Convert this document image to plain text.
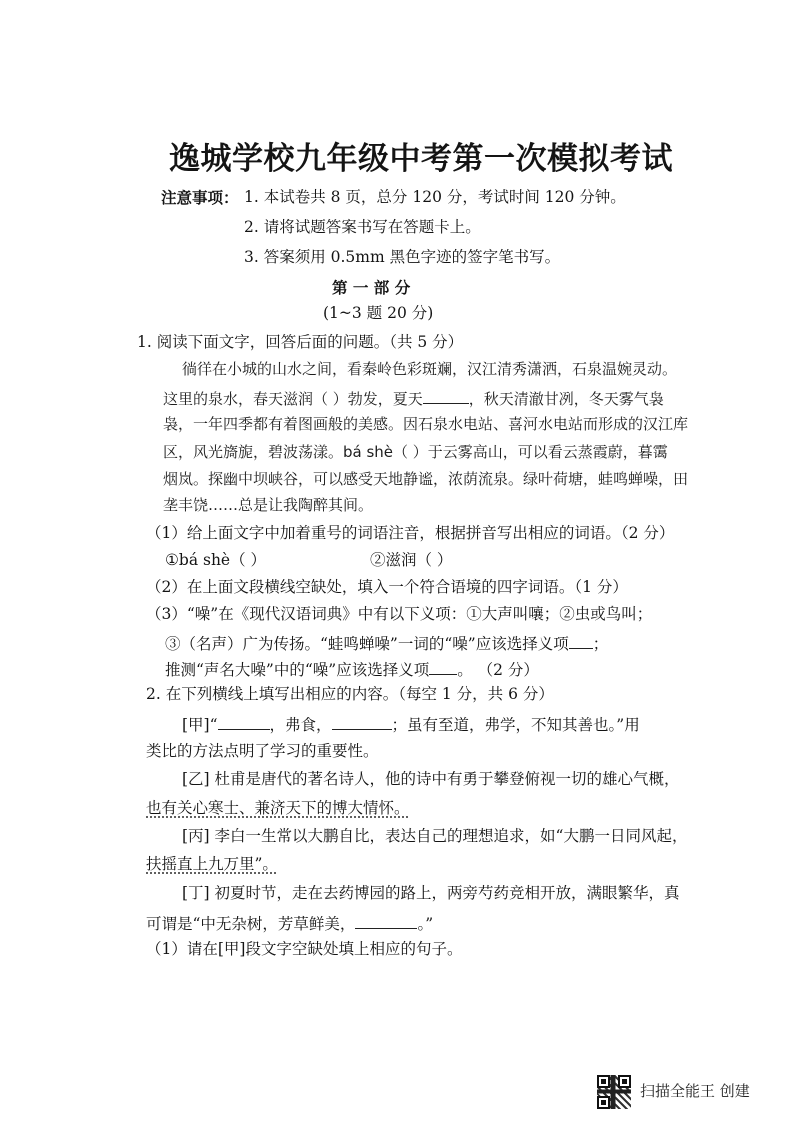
逸城学校九年级中考第一次模拟考试
注意事项： 1. 本试卷共 8 页，总分 120 分，考试时间 120 分钟。
2. 请将试题答案书写在答题卡上。
3. 答案须用 0.5mm 黑色字迹的签字笔书写。
第 一 部 分
(1~3 题 20 分)
1. 阅读下面文字，回答后面的问题。（共 5 分）
徜徉在小城的山水之间，看秦岭色彩斑斓，汉江清秀潇洒，石泉温婉灵动。
这里的泉水，春天滋润（ ）勃发，夏天	，秋天清澈甘冽，冬天雾气袅
袅，一年四季都有着图画般的美感。因石泉水电站、喜河水电站而形成的汉江库
区，风光旖旎，碧波荡漾。bá shè（ ）于云雾高山，可以看云蒸霞蔚，暮霭
烟岚。探幽中坝峡谷，可以感受天地静谧，浓荫流泉。绿叶荷塘，蛙鸣蝉噪，田
垄丰饶……总是让我陶醉其间。
（1）给上面文字中加着重号的词语注音，根据拼音写出相应的词语。（2 分）
①bá shè（ ）	②滋润（ ）
（2）在上面文段横线空缺处，填入一个符合语境的四字词语。（1 分）
（3）“噪”在《现代汉语词典》中有以下义项：①大声叫嚷；②虫或鸟叫；
③（名声）广为传扬。“蛙鸣蝉噪”一词的“噪”应该选择义项 ；
推测“声名大噪”中的“噪”应该选择义项 。 （2 分）
2. 在下列横线上填写出相应的内容。（每空 1 分，共 6 分）
[甲]“	，弗食，	；虽有至道，弗学，不知其善也。”用
类比的方法点明了学习的重要性。
[乙] 杜甫是唐代的著名诗人，他的诗中有勇于攀登俯视一切的雄心气概，
也有关心寒士、兼济天下的博大情怀。
[丙] 李白一生常以大鹏自比，表达自己的理想追求，如“大鹏一日同风起，
扶摇直上九万里”。
[丁] 初夏时节，走在去药博园的路上，两旁芍药竞相开放，满眼繁华，真
可谓是“中无杂树，芳草鲜美，	。”
（1）请在[甲]段文字空缺处填上相应的句子。
扫描全能王 创建
